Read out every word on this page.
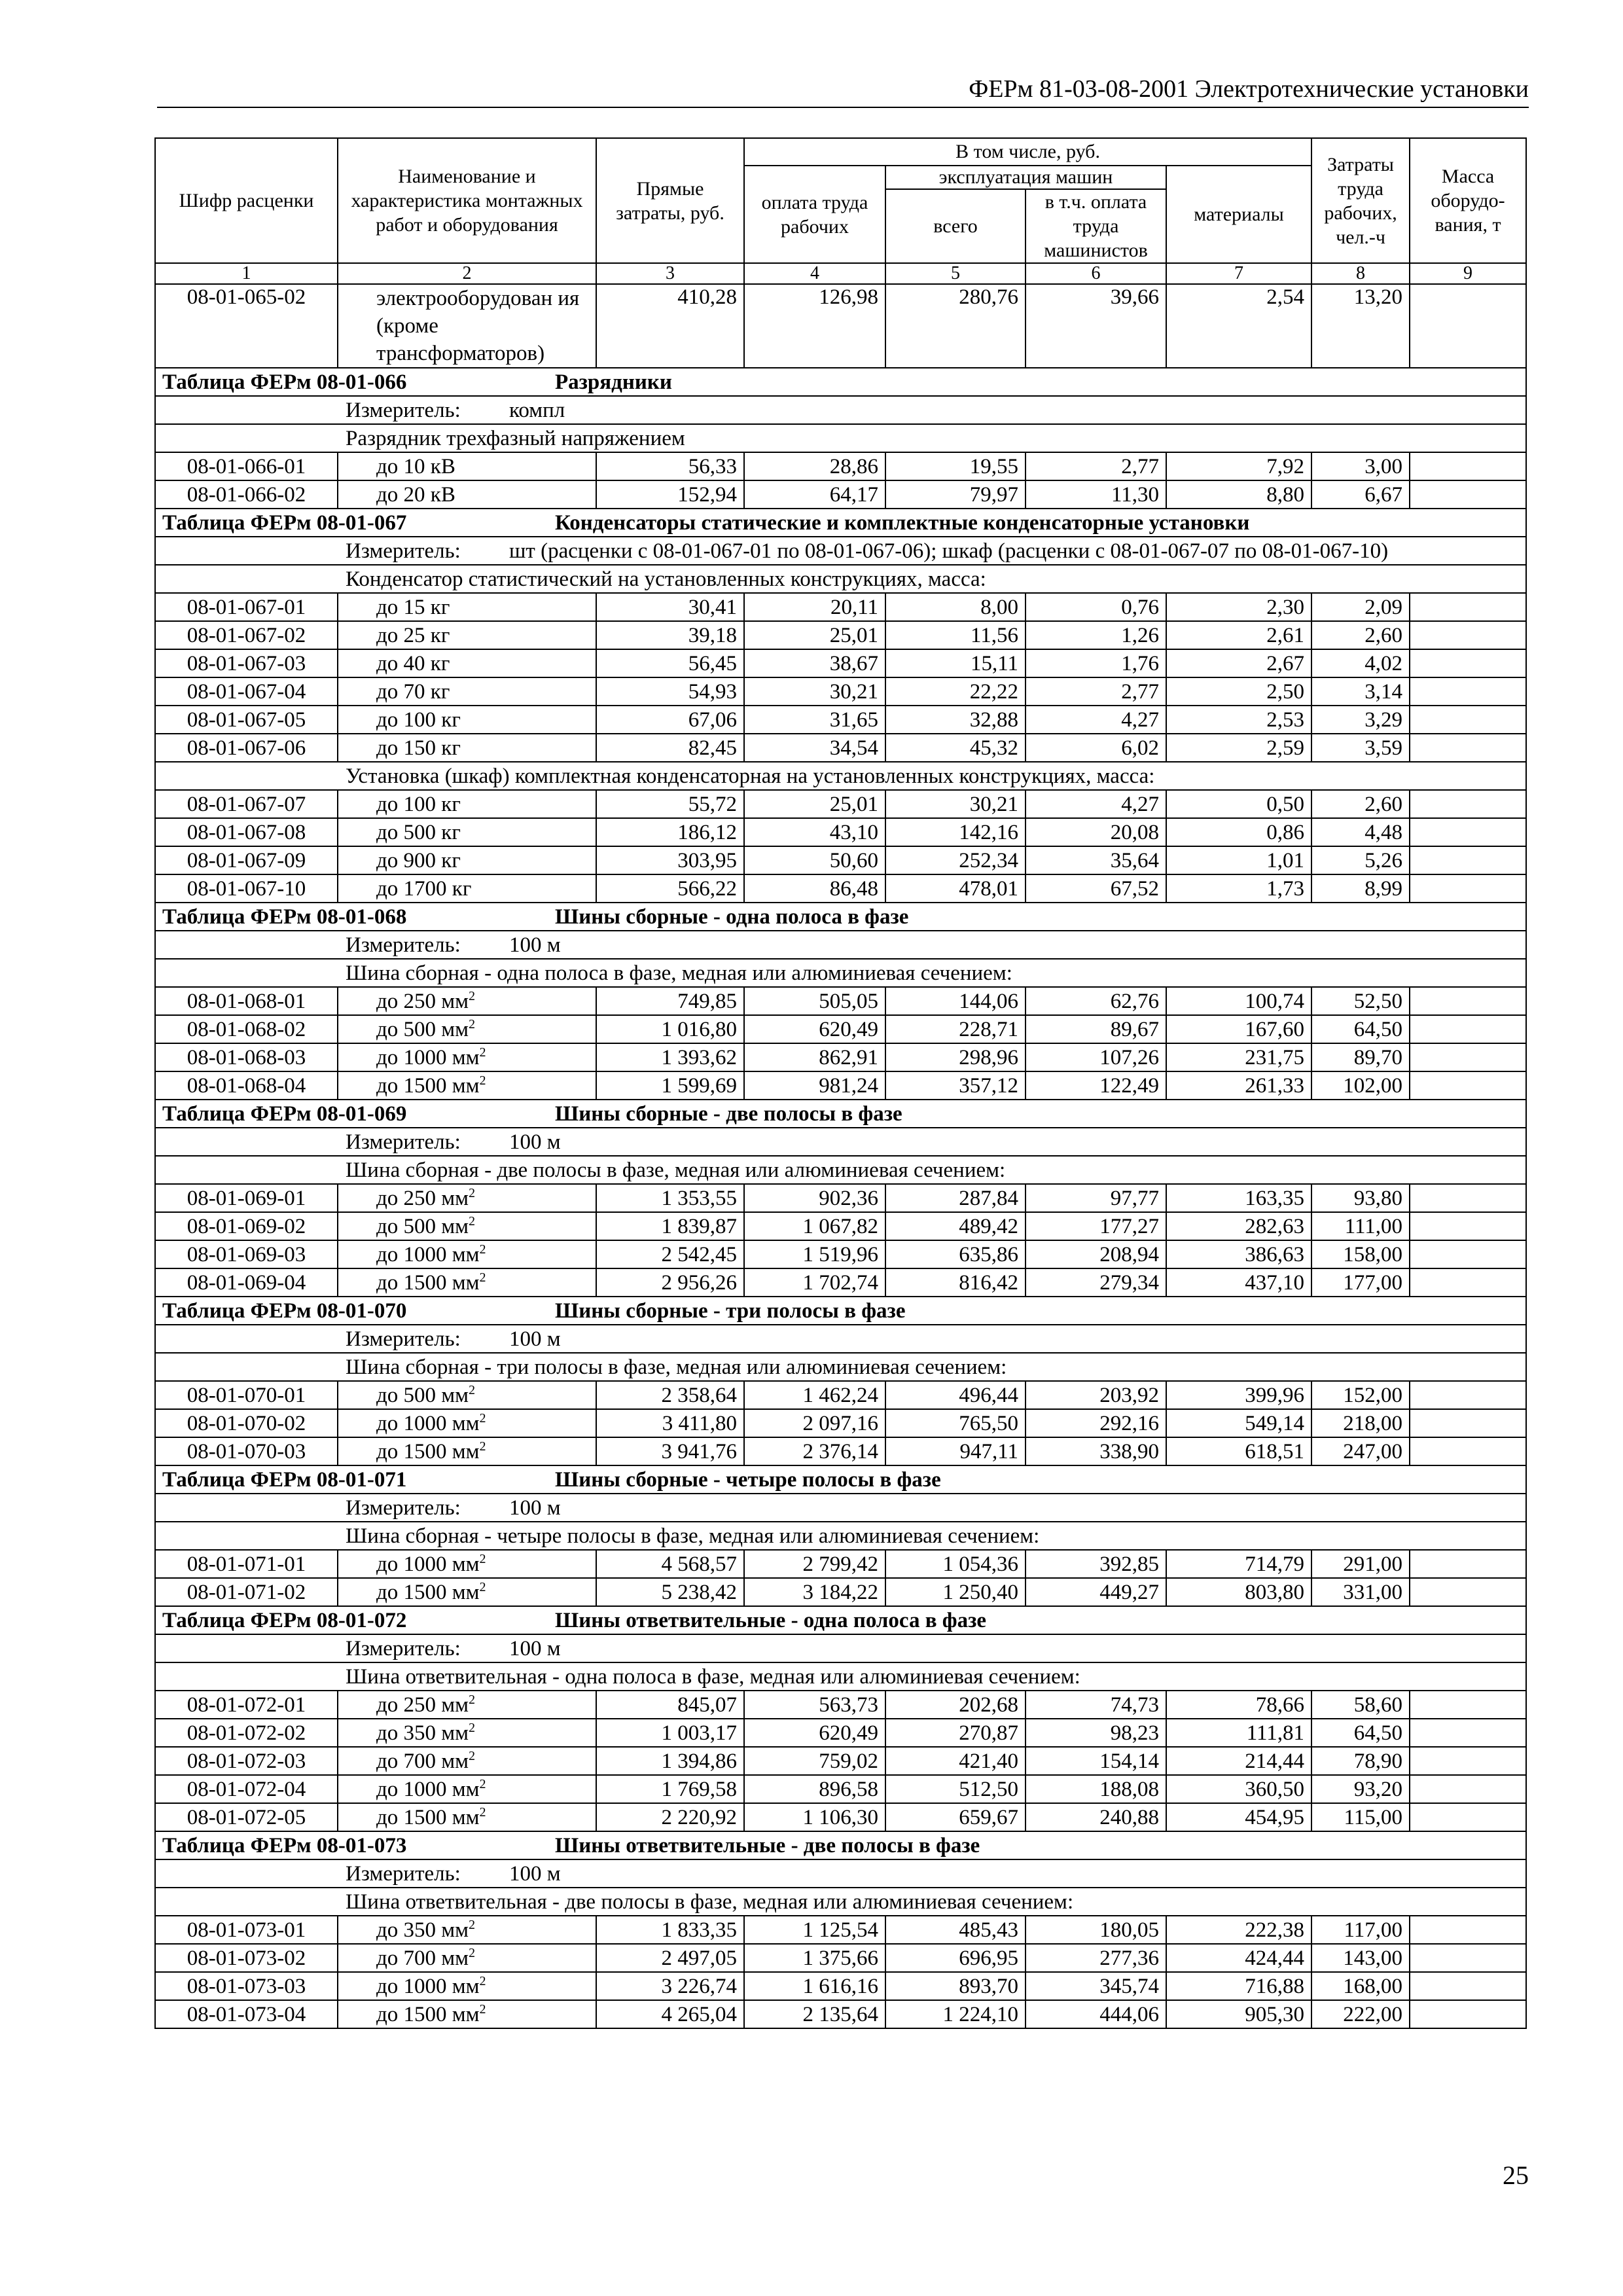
ФЕРм 81-03-08-2001 Электротехнические установки
Шифр расценки	Наименование и характеристика монтажных работ и оборудования	Прямые затраты, руб.	В том числе, руб.				Затраты труда рабочих, чел.-ч	Масса оборудо-вания, т
			оплата труда рабочих	эксплуатация машин		материалы		
				всего	в т.ч. оплата труда машинистов			
1	2	3	4	5	6	7	8	9
08-01-065-02	электрооборудован ия (кроме трансформаторов)	410,28	126,98	280,76	39,66	2,54	13,20	
Таблица ФЕРм 08-01-066 Разрядники								
Измеритель: компл								
Разрядник трехфазный напряжением								
08-01-066-01	до 10 кВ	56,33	28,86	19,55	2,77	7,92	3,00	
08-01-066-02	до 20 кВ	152,94	64,17	79,97	11,30	8,80	6,67	
Таблица ФЕРм 08-01-067 Конденсаторы статические и комплектные конденсаторные установки								
Измеритель: шт (расценки с 08-01-067-01 по 08-01-067-06); шкаф (расценки с 08-01-067-07 по 08-01-067-10)								
Конденсатор статистический на установленных конструкциях, масса:								
08-01-067-01	до 15 кг	30,41	20,11	8,00	0,76	2,30	2,09	
08-01-067-02	до 25 кг	39,18	25,01	11,56	1,26	2,61	2,60	
08-01-067-03	до 40 кг	56,45	38,67	15,11	1,76	2,67	4,02	
08-01-067-04	до 70 кг	54,93	30,21	22,22	2,77	2,50	3,14	
08-01-067-05	до 100 кг	67,06	31,65	32,88	4,27	2,53	3,29	
08-01-067-06	до 150 кг	82,45	34,54	45,32	6,02	2,59	3,59	
Установка (шкаф) комплектная конденсаторная на установленных конструкциях, масса:								
08-01-067-07	до 100 кг	55,72	25,01	30,21	4,27	0,50	2,60	
08-01-067-08	до 500 кг	186,12	43,10	142,16	20,08	0,86	4,48	
08-01-067-09	до 900 кг	303,95	50,60	252,34	35,64	1,01	5,26	
08-01-067-10	до 1700 кг	566,22	86,48	478,01	67,52	1,73	8,99	
Таблица ФЕРм 08-01-068 Шины сборные - одна полоса в фазе								
Измеритель: 100 м								
Шина сборная - одна полоса в фазе, медная или алюминиевая сечением:								
08-01-068-01	до 250 $мм^2$	749,85	505,05	144,06	62,76	100,74	52,50	
08-01-068-02	до 500 $мм^2$	1 016,80	620,49	228,71	89,67	167,60	64,50	
08-01-068-03	до 1000 $мм^2$	1 393,62	862,91	298,96	107,26	231,75	89,70	
08-01-068-04	до 1500 $мм^2$	1 599,69	981,24	357,12	122,49	261,33	102,00	
Таблица ФЕРм 08-01-069 Шины сборные - две полосы в фазе								
Измеритель: 100 м								
Шина сборная - две полосы в фазе, медная или алюминиевая сечением:								
08-01-069-01	до 250 $мм^2$	1 353,55	902,36	287,84	97,77	163,35	93,80	
08-01-069-02	до 500 $мм^2$	1 839,87	1 067,82	489,42	177,27	282,63	111,00	
08-01-069-03	до 1000 $мм^2$	2 542,45	1 519,96	635,86	208,94	386,63	158,00	
08-01-069-04	до 1500 $мм^2$	2 956,26	1 702,74	816,42	279,34	437,10	177,00	
Таблица ФЕРм 08-01-070 Шины сборные - три полосы в фазе								
Измеритель: 100 м								
Шина сборная - три полосы в фазе, медная или алюминиевая сечением:								
08-01-070-01	до 500 $мм^2$	2 358,64	1 462,24	496,44	203,92	399,96	152,00	
08-01-070-02	до 1000 $мм^2$	3 411,80	2 097,16	765,50	292,16	549,14	218,00	
08-01-070-03	до 1500 $мм^2$	3 941,76	2 376,14	947,11	338,90	618,51	247,00	
Таблица ФЕРм 08-01-071 Шины сборные - четыре полосы в фазе								
Измеритель: 100 м								
Шина сборная - четыре полосы в фазе, медная или алюминиевая сечением:								
08-01-071-01	до 1000 $мм^2$	4 568,57	2 799,42	1 054,36	392,85	714,79	291,00	
08-01-071-02	до 1500 $мм^2$	5 238,42	3 184,22	1 250,40	449,27	803,80	331,00	
Таблица ФЕРм 08-01-072 Шины ответвительные - одна полоса в фазе								
Измеритель: 100 м								
Шина ответвительная - одна полоса в фазе, медная или алюминиевая сечением:								
08-01-072-01	до 250 $мм^2$	845,07	563,73	202,68	74,73	78,66	58,60	
08-01-072-02	до 350 $мм^2$	1 003,17	620,49	270,87	98,23	111,81	64,50	
08-01-072-03	до 700 $мм^2$	1 394,86	759,02	421,40	154,14	214,44	78,90	
08-01-072-04	до 1000 $мм^2$	1 769,58	896,58	512,50	188,08	360,50	93,20	
08-01-072-05	до 1500 $мм^2$	2 220,92	1 106,30	659,67	240,88	454,95	115,00	
Таблица ФЕРм 08-01-073 Шины ответвительные - две полосы в фазе								
Измеритель: 100 м								
Шина ответвительная - две полосы в фазе, медная или алюминиевая сечением:								
08-01-073-01	до 350 $мм^2$	1 833,35	1 125,54	485,43	180,05	222,38	117,00	
08-01-073-02	до 700 $мм^2$	2 497,05	1 375,66	696,95	277,36	424,44	143,00	
08-01-073-03	до 1000 $мм^2$	3 226,74	1 616,16	893,70	345,74	716,88	168,00	
08-01-073-04	до 1500 $мм^2$	4 265,04	2 135,64	1 224,10	444,06	905,30	222,00	
25
